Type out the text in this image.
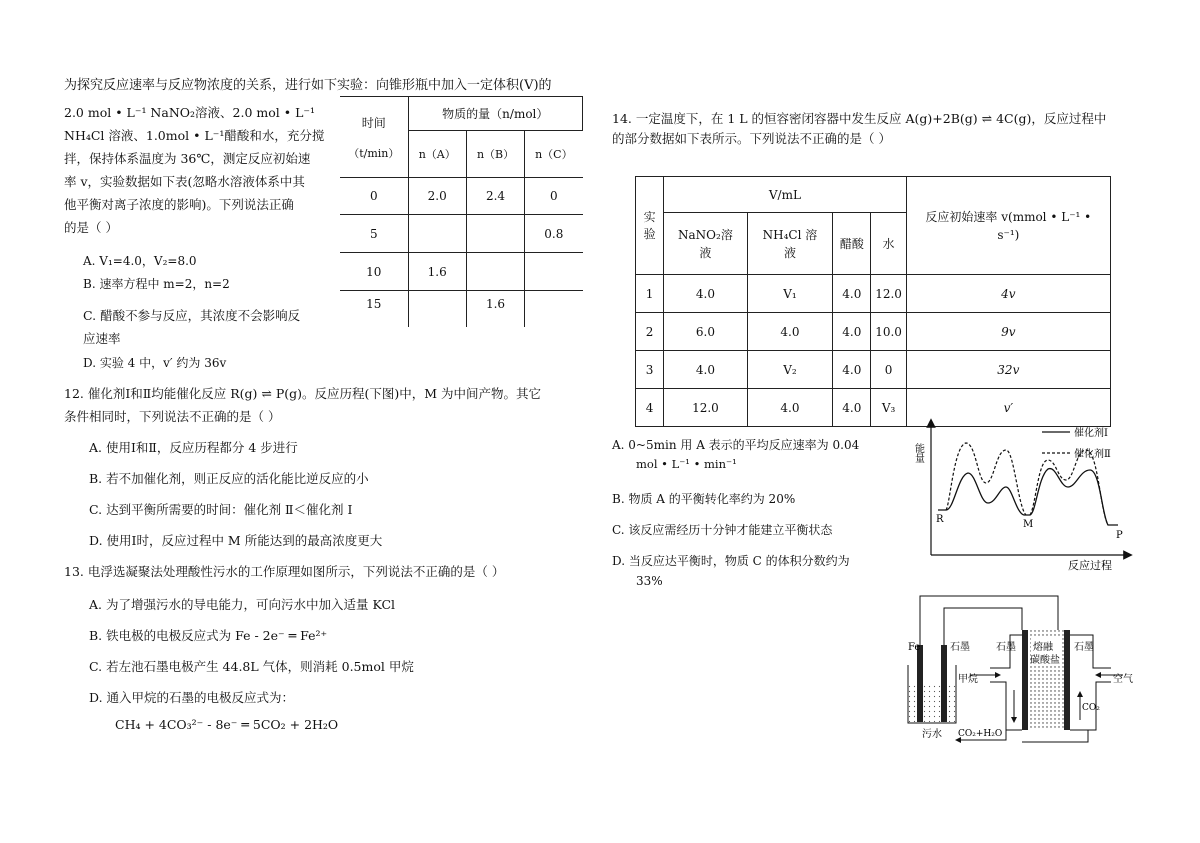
为探究反应速率与反应物浓度的关系，进行如下实验：向锥形瓶中加入一定体积(V)的
2.0 mol • L⁻¹ NaNO₂溶液、2.0 mol • L⁻¹
NH₄Cl 溶液、1.0mol • L⁻¹醋酸和水，充分搅
拌，保持体系温度为 36℃，测定反应初始速
率 v，实验数据如下表(忽略水溶液体系中其
他平衡对离子浓度的影响)。下列说法正确
的是（ ）
A. V₁=4.0，V₂=8.0
B. 速率方程中 m=2，n=2
C. 醋酸不参与反应，其浓度不会影响反
应速率
D. 实验 4 中，v′ 约为 36v
时间
（t/min）	物质的量（n/mol）		
	n（A）	n（B）	n（C）
0	2.0	2.4	0
5			0.8
10	1.6		
15		1.6	
12. 催化剂Ⅰ和Ⅱ均能催化反应 R(g) ⇌ P(g)。反应历程(下图)中，M 为中间产物。其它
条件相同时，下列说法不正确的是（ ）
A. 使用Ⅰ和Ⅱ，反应历程都分 4 步进行
B. 若不加催化剂，则正反应的活化能比逆反应的小
C. 达到平衡所需要的时间：催化剂 Ⅱ＜催化剂 Ⅰ
D. 使用Ⅰ时，反应过程中 M 所能达到的最高浓度更大
13. 电浮选凝聚法处理酸性污水的工作原理如图所示，下列说法不正确的是（ ）
A. 为了增强污水的导电能力，可向污水中加入适量 KCl
B. 铁电极的电极反应式为 Fe - 2e⁻ ═ Fe²⁺
C. 若左池石墨电极产生 44.8L 气体，则消耗 0.5mol 甲烷
D. 通入甲烷的石墨的电极反应式为：
CH₄ + 4CO₃²⁻ - 8e⁻ ═ 5CO₂ + 2H₂O
14. 一定温度下，在 1 L 的恒容密闭容器中发生反应 A(g)+2B(g) ⇌ 4C(g)，反应过程中
的部分数据如下表所示。下列说法不正确的是（ ）
实验	V/mL				反应初始速率 v(mmol • L⁻¹ • s⁻¹)

	NaNO₂溶液	NH₄Cl 溶液	醋酸	水	
1	4.0	V₁	4.0	12.0	4v
2	6.0	4.0	4.0	10.0	9v
3	4.0	V₂	4.0	0	32v
4	12.0	4.0	4.0	V₃	v′
A. 0~5min 用 A 表示的平均反应速率为 0.04
mol • L⁻¹ • min⁻¹
B. 物质 A 的平衡转化率约为 20%
C. 该反应需经历十分钟才能建立平衡状态
D. 当反应达平衡时，物质 C 的体积分数约为
33%
能量
反应过程
催化剂Ⅰ
催化剂Ⅱ
R	M
P
Fe	石墨
污水
熔融
碳酸盐
石墨	石墨
甲烷	空气
CO₂
CO₂+H₂O
